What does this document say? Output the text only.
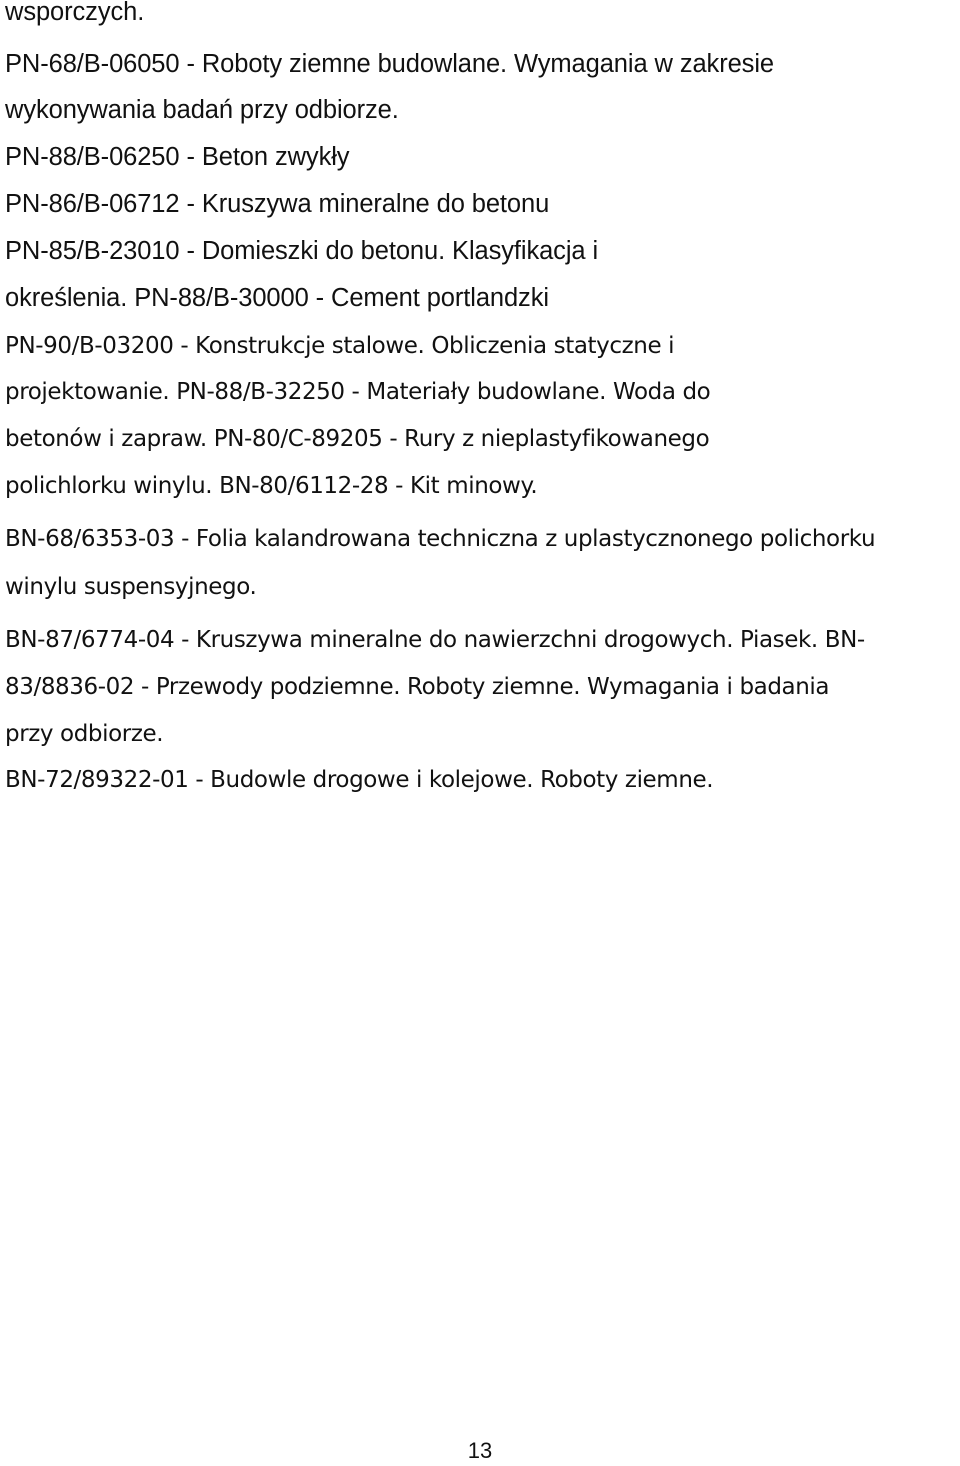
wsporczych.
PN-68/B-06050 - Roboty ziemne budowlane. Wymagania w zakresie
wykonywania badań przy odbiorze.
PN-88/B-06250 - Beton zwykły
PN-86/B-06712 - Kruszywa mineralne do betonu
PN-85/B-23010 - Domieszki do betonu. Klasyfikacja i
określenia. PN-88/B-30000 - Cement portlandzki
PN-90/B-03200 - Konstrukcje stalowe. Obliczenia statyczne i
projektowanie. PN-88/B-32250 - Materiały budowlane. Woda do
betonów i zapraw. PN-80/C-89205 - Rury z nieplastyfikowanego
polichlorku winylu. BN-80/6112-28 - Kit minowy.
BN-68/6353-03 - Folia kalandrowana techniczna z uplastycznonego polichorku
winylu suspensyjnego.
BN-87/6774-04 - Kruszywa mineralne do nawierzchni drogowych. Piasek. BN-
83/8836-02 - Przewody podziemne. Roboty ziemne. Wymagania i badania
przy odbiorze.
BN-72/89322-01 - Budowle drogowe i kolejowe. Roboty ziemne.
13
